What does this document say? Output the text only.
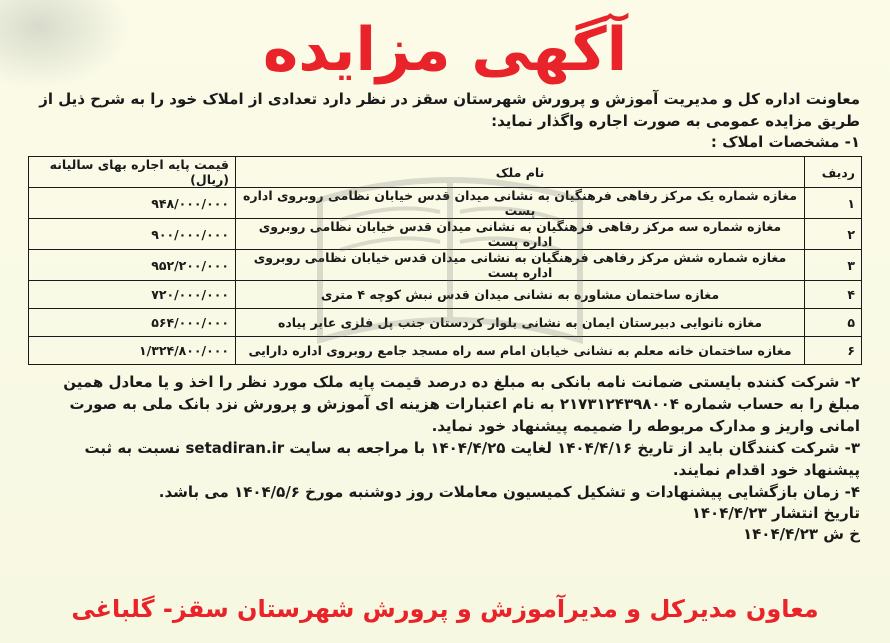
آگهی مزایده
معاونت اداره کل و مدیریت آموزش و پرورش شهرستان سقز در نظر دارد تعدادی از املاک خود را به شرح ذیل از طریق مزایده عمومی به صورت اجاره واگذار نماید:
۱- مشخصات املاک :
ردیف	نام ملک	قیمت پایه اجاره بهای سالیانه (ریال)
۱	مغازه شماره یک مرکز رفاهی فرهنگیان به نشانی میدان قدس خیابان نظامی روبروی اداره پست	۹۴۸/۰۰۰/۰۰۰
۲	مغازه شماره سه مرکز رفاهی فرهنگیان به نشانی میدان قدس خیابان نظامی روبروی اداره پست	۹۰۰/۰۰۰/۰۰۰
۳	مغازه شماره شش مرکز رفاهی فرهنگیان به نشانی میدان قدس خیابان نظامی روبروی اداره پست	۹۵۲/۲۰۰/۰۰۰
۴	مغازه ساختمان مشاوره به نشانی میدان قدس نبش کوچه ۴ متری	۷۲۰/۰۰۰/۰۰۰
۵	مغازه نانوایی دبیرستان ایمان به نشانی بلوار کردستان جنب پل فلزی عابر پیاده	۵۶۴/۰۰۰/۰۰۰
۶	مغازه ساختمان خانه معلم به نشانی خیابان امام سه راه مسجد جامع روبروی اداره دارایی	۱/۳۲۴/۸۰۰/۰۰۰

۲- شرکت کننده بایستی ضمانت نامه بانکی به مبلغ ده درصد قیمت پایه ملک مورد نظر را اخذ و یا معادل همین مبلغ را به حساب شماره ۲۱۷۳۱۲۴۳۹۸۰۰۴ به نام اعتبارات هزینه ای آموزش و پرورش نزد بانک ملی به صورت امانی واریز و مدارک مربوطه را ضمیمه پیشنهاد خود نماید.

۳- شرکت کنندگان باید از تاریخ ۱۴۰۴/۴/۱۶ لغایت ۱۴۰۴/۴/۲۵ با مراجعه به سایت setadiran.ir نسبت به ثبت پیشنهاد خود اقدام نمایند.

۴- زمان بازگشایی پیشنهادات و تشکیل کمیسیون معاملات روز دوشنبه مورخ ۱۴۰۴/۵/۶ می باشد.

تاریخ انتشار ۱۴۰۴/۴/۲۳

خ ش ۱۴۰۴/۴/۲۳

معاون مدیرکل و مدیرآموزش و پرورش شهرستان سقز- گلباغی
